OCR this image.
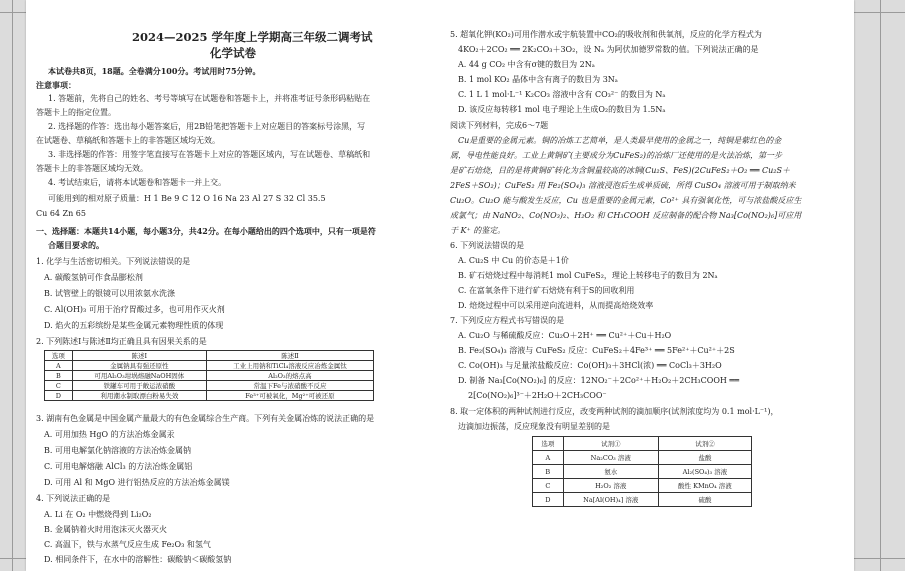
2024—2025 学年度上学期高三年级二调考试
化学试卷
本试卷共8页，18题。全卷满分100分。考试用时75分钟。
注意事项：
1. 答题前，先将自己的姓名、考号等填写在试题卷和答题卡上，并将准考证号条形码粘贴在
答题卡上的指定位置。
2. 选择题的作答：选出每小题答案后，用2B铅笔把答题卡上对应题目的答案标号涂黑，写
在试题卷、草稿纸和答题卡上的非答题区域均无效。
3. 非选择题的作答：用签字笔直接写在答题卡上对应的答题区域内，写在试题卷、草稿纸和
答题卡上的非答题区域均无效。
4. 考试结束后，请将本试题卷和答题卡一并上交。
可能用到的相对原子质量：H 1 Be 9 C 12 O 16 Na 23 Al 27 S 32 Cl 35.5
Cu 64 Zn 65
一、选择题：本题共14小题，每小题3分，共42分。在每小题给出的四个选项中，只有一项是符
合题目要求的。
1. 化学与生活密切相关。下列说法错误的是
A. 碳酸氢钠可作食品膨松剂
B. 试管壁上的银镜可以用浓氨水洗涤
C. Al(OH)₃ 可用于治疗胃酸过多，也可用作灭火剂
D. 焰火的五彩缤纷是某些金属元素物理性质的体现
2. 下列陈述Ⅰ与陈述Ⅱ均正确且具有因果关系的是
3. 湖南有色金属是中国金属产量最大的有色金属综合生产商。下列有关金属冶炼的说法正确的是
A. 可用加热 HgO 的方法冶炼金属汞
B. 可用电解氯化钠溶液的方法冶炼金属钠
C. 可用电解熔融 AlCl₃ 的方法冶炼金属铝
D. 可用 Al 和 MgO 进行铝热反应的方法冶炼金属镁
4. 下列说法正确的是
A. Li 在 O₂ 中燃烧得到 Li₂O₂
B. 金属钠着火时用泡沫灭火器灭火
C. 高温下，铁与水蒸气反应生成 Fe₂O₃ 和氢气
D. 相同条件下，在水中的溶解性：碳酸钠＜碳酸氢钠
选项	陈述Ⅰ	陈述Ⅱ
A	金属钠具有强还原性	工业上用钠和TiCl₄溶液反应冶炼金属钛
B	可用Al₂O₃坩埚熔融NaOH固体	Al₂O₃的熔点高
C	铁罐车可用于敞运浓硝酸	常温下Fe与浓硝酸不反应
D	利用潮水制取漂白粉易失效	Fe³⁺可被氧化，Mg²⁺可被还原
5. 超氧化钾(KO₂)可用作潜水或宇航装置中CO₂的吸收剂和供氧剂，反应的化学方程式为
4KO₂＋2CO₂ ══ 2K₂CO₃＋3O₂，设 Nₐ 为阿伏加德罗常数的值。下列说法正确的是
A. 44 g CO₂ 中含有σ键的数目为 2Nₐ
B. 1 mol KO₂ 晶体中含有离子的数目为 3Nₐ
C. 1 L 1 mol·L⁻¹ K₂CO₃ 溶液中含有 CO₃²⁻ 的数目为 Nₐ
D. 该反应每转移1 mol 电子理论上生成O₂的数目为 1.5Nₐ
阅读下列材料，完成6～7题
Cu是重要的金属元素。铜的冶炼工艺简单，是人类最早使用的金属之一，纯铜是紫红色的金
属，导电性能良好。工业上黄铜矿(主要成分为CuFeS₂)的冶炼厂还使用的是火法冶炼，第一步
是矿石焙烧，目的是将黄铜矿转化为含铜量较高的冰铜(Cu₂S、FeS)(2CuFeS₂＋O₂ ══ Cu₂S＋
2FeS＋SO₂)；CuFeS₂ 用 Fe₂(SO₄)₃ 溶液浸泡后生成单质硫，所得 CuSO₄ 溶液可用于制取纳米
Cu₂O。Cu₂O 能与酸发生反应，Cu 也是重要的金属元素，Co²⁺ 具有强氧化性，可与浓盐酸反应生
成氯气；由 NaNO₂、Co(NO₃)₂、H₂O₂ 和 CH₃COOH 反应制备的配合物 Na₃[Co(NO₂)₆]可应用
于 K⁺ 的鉴定。
6. 下列说法错误的是
A. Cu₂S 中 Cu 的价态是＋1价
B. 矿石焙烧过程中每消耗1 mol CuFeS₂，理论上转移电子的数目为 2Nₐ
C. 在富氧条件下进行矿石焙烧有利于S的回收利用
D. 焙烧过程中可以采用逆向流进料，从而提高焙烧效率
7. 下列反应方程式书写错误的是
A. Cu₂O 与稀硫酸反应：Cu₂O＋2H⁺ ══ Cu²⁺＋Cu＋H₂O
B. Fe₂(SO₄)₃ 溶液与 CuFeS₂ 反应：CuFeS₂＋4Fe³⁺ ══ 5Fe²⁺＋Cu²⁺＋2S
C. Co(OH)₃ 与足量浓盐酸反应：Co(OH)₃＋3HCl(浓) ══ CoCl₃＋3H₂O
D. 制备 Na₃[Co(NO₂)₆] 的反应：12NO₂⁻＋2Co²⁺＋H₂O₂＋2CH₃COOH ══
2[Co(NO₂)₆]³⁻＋2H₂O＋2CH₃COO⁻
8. 取一定体积的两种试剂进行反应，改变两种试剂的滴加顺序(试剂浓度均为 0.1 mol·L⁻¹)，
边滴加边振荡，反应现象没有明显差别的是
选项	试剂①	试剂②
A	Na₂CO₃ 溶液	盐酸
B	氨水	Al₂(SO₄)₃ 溶液
C	H₂O₂ 溶液	酸性 KMnO₄ 溶液
D	Na[Al(OH)₄] 溶液	硫酸
